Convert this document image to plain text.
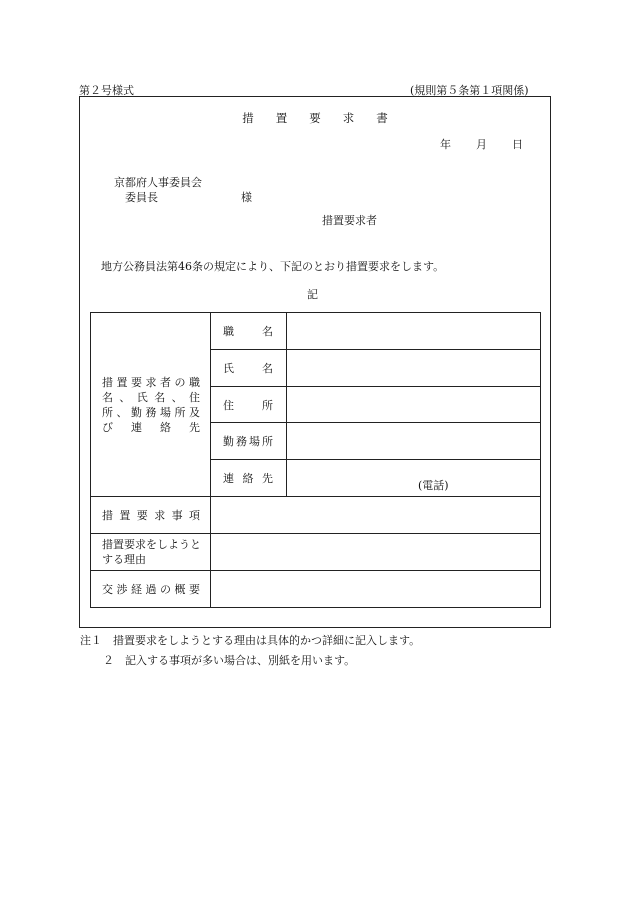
第２号様式	(規則第５条第１項関係)
措置要求書
年 月 日
京都府人事委員会
委員長	様
措置要求者
地方公務員法第46条の規定により、下記のとおり措置要求をします。
記
措置要求者の職
名、氏名、住
所、勤務場所及
び連絡先	職名	

	氏名	

	住所	

	勤務場所	

	連絡先	(電話)

措置要求事項		

措置要求をしようとする理由		

交渉経過の概要		

注１　措置要求をしようとする理由は具体的かつ詳細に記入します。
２　記入する事項が多い場合は、別紙を用います。
